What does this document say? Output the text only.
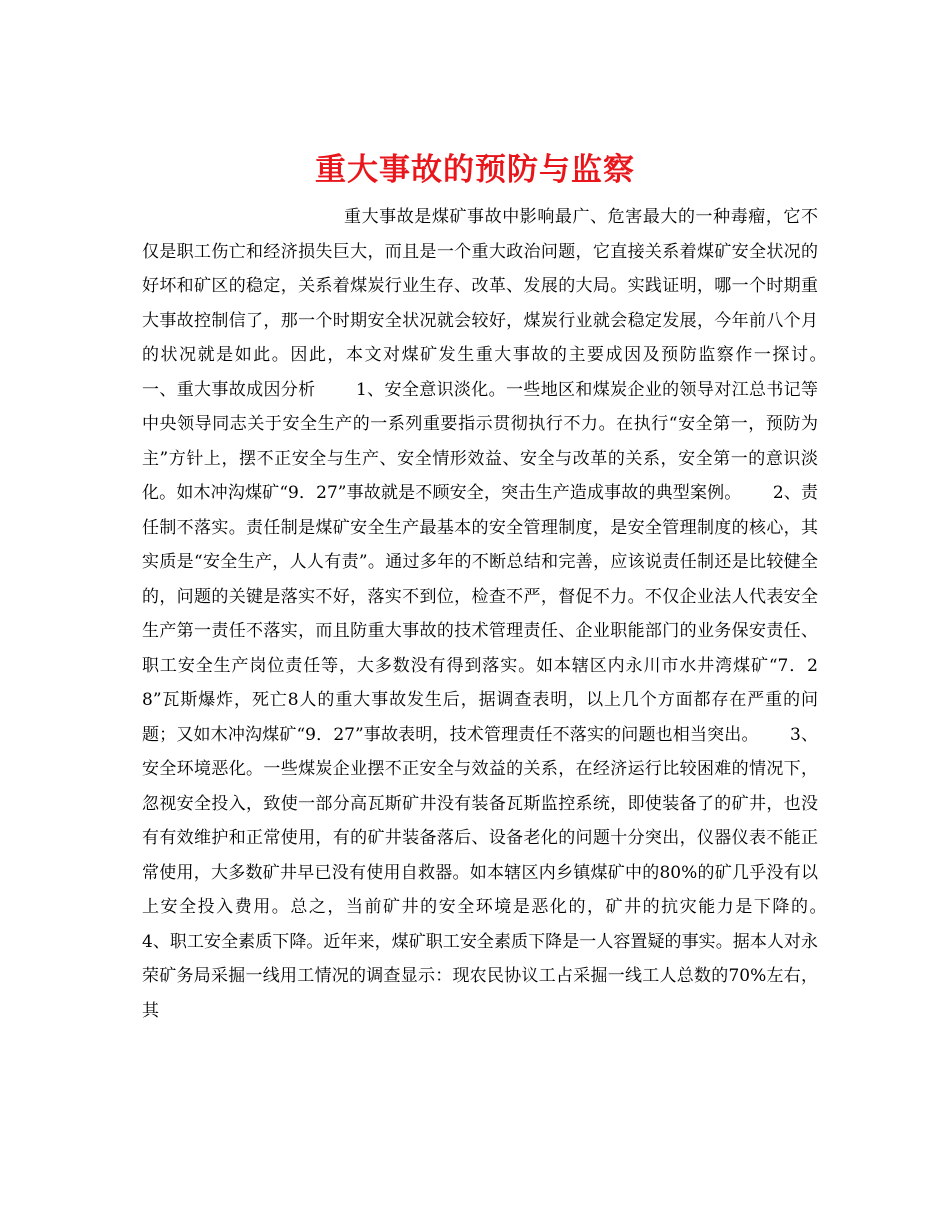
重大事故的预防与监察

重大事故是煤矿事故中影响最广、危害最大的一种毒瘤，它不仅是职工伤亡和经济损失巨大，而且是一个重大政治问题，它直接关系着煤矿安全状况的好坏和矿区的稳定，关系着煤炭行业生存、改革、发展的大局。实践证明，哪一个时期重大事故控制信了，那一个时期安全状况就会较好，煤炭行业就会稳定发展，今年前八个月的状况就是如此。因此，本文对煤矿发生重大事故的主要成因及预防监察作一探讨。　　 一、重大事故成因分析　　 1、安全意识淡化。一些地区和煤炭企业的领导对江总书记等中央领导同志关于安全生产的一系列重要指示贯彻执行不力。在执行“安全第一，预防为主”方针上，摆不正安全与生产、安全情形效益、安全与改革的关系，安全第一的意识淡化。如木冲沟煤矿“9．27”事故就是不顾安全，突击生产造成事故的典型案例。　　 2、责任制不落实。责任制是煤矿安全生产最基本的安全管理制度，是安全管理制度的核心，其实质是“安全生产，人人有责”。通过多年的不断总结和完善，应该说责任制还是比较健全的，问题的关键是落实不好，落实不到位，检查不严，督促不力。不仅企业法人代表安全生产第一责任不落实，而且防重大事故的技术管理责任、企业职能部门的业务保安责任、职工安全生产岗位责任等，大多数没有得到落实。如本辖区内永川市水井湾煤矿“7．28”瓦斯爆炸，死亡8人的重大事故发生后，据调查表明，以上几个方面都存在严重的问题；又如木冲沟煤矿“9．27”事故表明，技术管理责任不落实的问题也相当突出。　　 3、安全环境恶化。一些煤炭企业摆不正安全与效益的关系，在经济运行比较困难的情况下，忽视安全投入，致使一部分高瓦斯矿井没有装备瓦斯监控系统，即使装备了的矿井，也没有有效维护和正常使用，有的矿井装备落后、设备老化的问题十分突出，仪器仪表不能正常使用，大多数矿井早已没有使用自救器。如本辖区内乡镇煤矿中的80%的矿几乎没有以上安全投入费用。总之，当前矿井的安全环境是恶化的，矿井的抗灾能力是下降的。　　 4、职工安全素质下降。近年来，煤矿职工安全素质下降是一人容置疑的事实。据本人对永荣矿务局采掘一线用工情况的调查显示：现农民协议工占采掘一线工人总数的70%左右，其
